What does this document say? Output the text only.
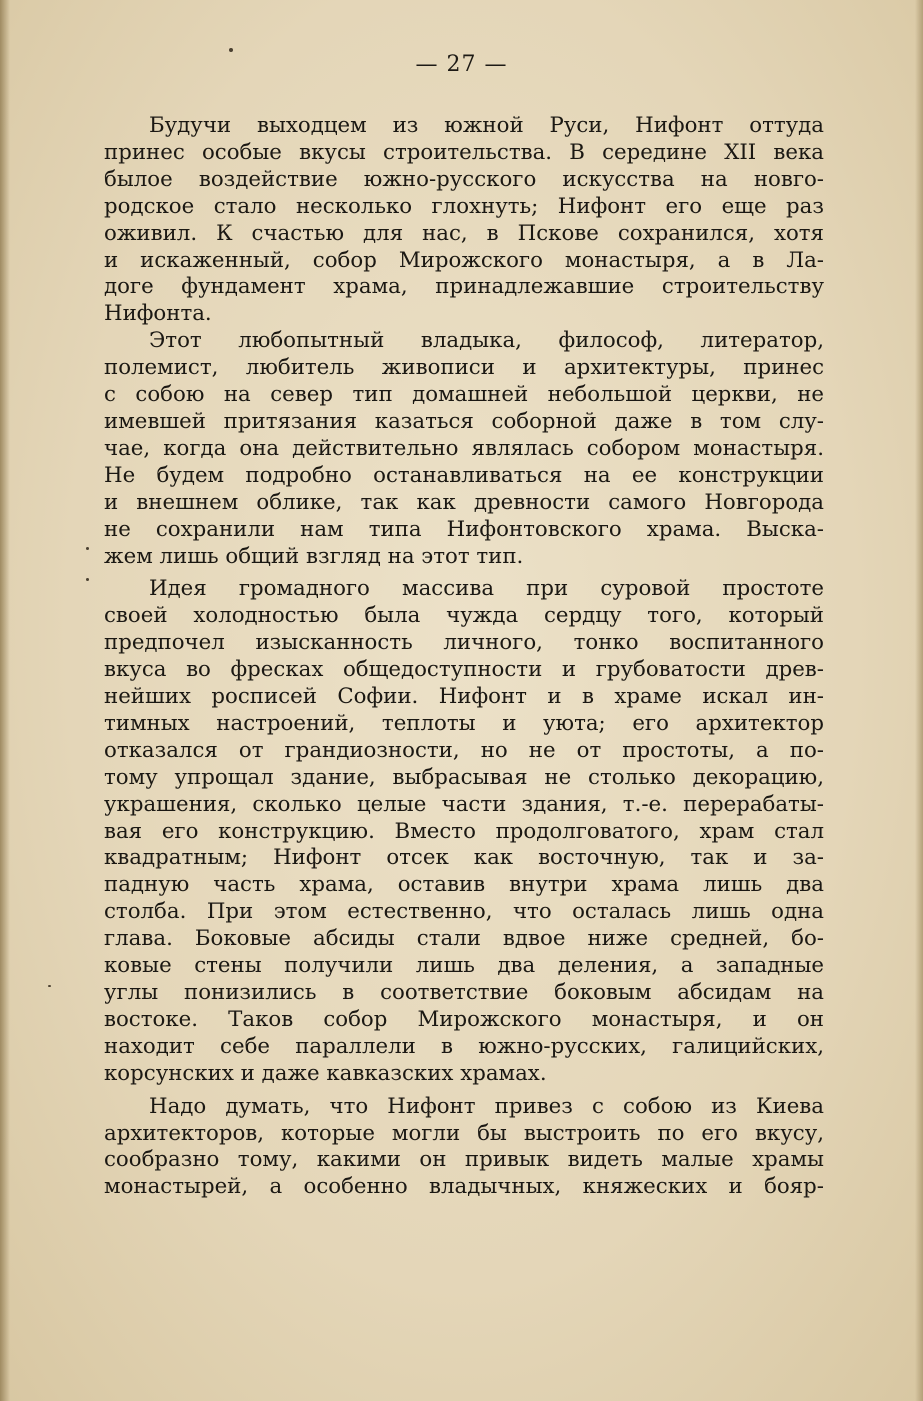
— 27 —
Будучи выходцем из южной Руси, Нифонт оттуда
принес особые вкусы строительства. В середине XII века
былое воздействие южно-русского искусства на новго-
родское стало несколько глохнуть; Нифонт его еще раз
оживил. К счастью для нас, в Пскове сохранился, хотя
и искаженный, собор Мирожского монастыря, а в Ла-
доге фундамент храма, принадлежавшие строительству
Нифонта.
Этот любопытный владыка, философ, литератор,
полемист, любитель живописи и архитектуры, принес
с собою на север тип домашней небольшой церкви, не
имевшей притязания казаться соборной даже в том слу-
чае, когда она действительно являлась собором монастыря.
Не будем подробно останавливаться на ее конструкции
и внешнем облике, так как древности самого Новгорода
не сохранили нам типа Нифонтовского храма. Выска-
жем лишь общий взгляд на этот тип.
Идея громадного массива при суровой простоте
своей холодностью была чужда сердцу того, который
предпочел изысканность личного, тонко воспитанного
вкуса во фресках общедоступности и грубоватости древ-
нейших росписей Софии. Нифонт и в храме искал ин-
тимных настроений, теплоты и уюта; его архитектор
отказался от грандиозности, но не от простоты, а по-
тому упрощал здание, выбрасывая не столько декорацию,
украшения, сколько целые части здания, т.-е. перерабаты-
вая его конструкцию. Вместо продолговатого, храм стал
квадратным; Нифонт отсек как восточную, так и за-
падную часть храма, оставив внутри храма лишь два
столба. При этом естественно, что осталась лишь одна
глава. Боковые абсиды стали вдвое ниже средней, бо-
ковые стены получили лишь два деления, а западные
углы понизились в соответствие боковым абсидам на
востоке. Таков собор Мирожского монастыря, и он
находит себе параллели в южно-русских, галицийских,
корсунских и даже кавказских храмах.
Надо думать, что Нифонт привез с собою из Киева
архитекторов, которые могли бы выстроить по его вкусу,
сообразно тому, какими он привык видеть малые храмы
монастырей, а особенно владычных, княжеских и бояр-
